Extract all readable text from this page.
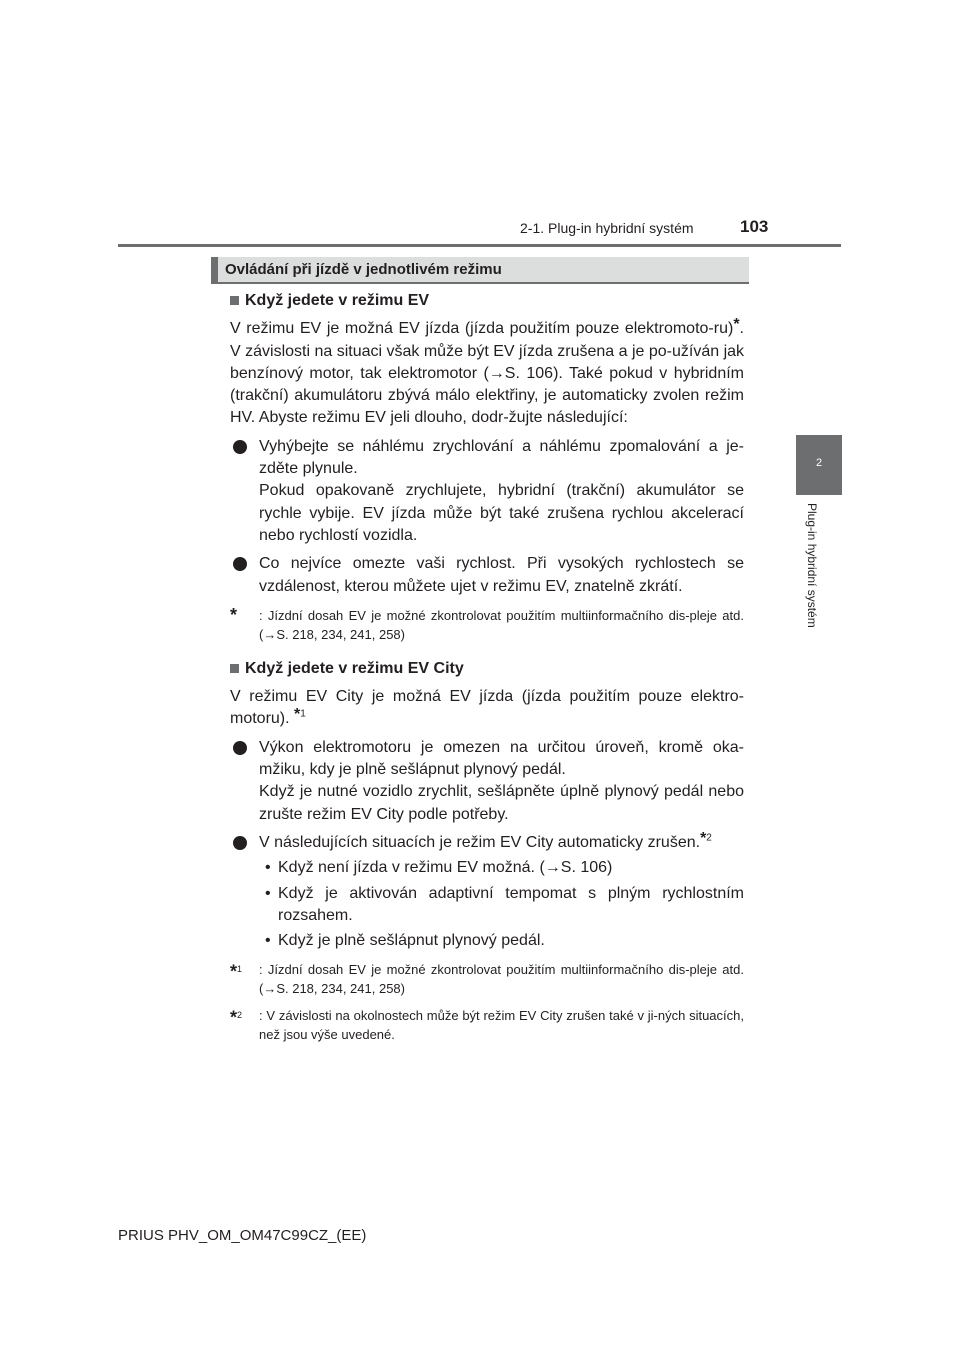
2-1. Plug-in hybridní systém	103
2
Plug-in hybridní systém
Ovládání při jízdě v jednotlivém režimu
Když jedete v režimu EV
V režimu EV je možná EV jízda (jízda použitím pouze elektromoto-ru)*. V závislosti na situaci však může být EV jízda zrušena a je po-užíván jak benzínový motor, tak elektromotor (→S. 106). Také pokud v hybridním (trakční) akumulátoru zbývá málo elektřiny, je automaticky zvolen režim HV. Abyste režimu EV jeli dlouho, dodr-žujte následující:
Vyhýbejte se náhlému zrychlování a náhlému zpomalování a je-zděte plynule.
Pokud opakovaně zrychlujete, hybridní (trakční) akumulátor se rychle vybije. EV jízda může být také zrušena rychlou akcelerací nebo rychlostí vozidla.
Co nejvíce omezte vaši rychlost. Při vysokých rychlostech se vzdálenost, kterou můžete ujet v režimu EV, znatelně zkrátí.
* : Jízdní dosah EV je možné zkontrolovat použitím multiinformačního dis-pleje atd. (→S. 218, 234, 241, 258)
Když jedete v režimu EV City
V režimu EV City je možná EV jízda (jízda použitím pouze elektro-motoru). $^{*1}$
Výkon elektromotoru je omezen na určitou úroveň, kromě oka-mžiku, kdy je plně sešlápnut plynový pedál.
Když je nutné vozidlo zrychlit, sešlápněte úplně plynový pedál nebo zrušte režim EV City podle potřeby.
V následujících situacích je režim EV City automaticky zrušen.$^{*2}$
• Když není jízda v režimu EV možná. (→S. 106)
• Když je aktivován adaptivní tempomat s plným rychlostním rozsahem.
• Když je plně sešlápnut plynový pedál.
*$^1$ : Jízdní dosah EV je možné zkontrolovat použitím multiinformačního dis-pleje atd. (→S. 218, 234, 241, 258)
*$^2$ : V závislosti na okolnostech může být režim EV City zrušen také v ji-ných situacích, než jsou výše uvedené.
PRIUS PHV_OM_OM47C99CZ_(EE)
